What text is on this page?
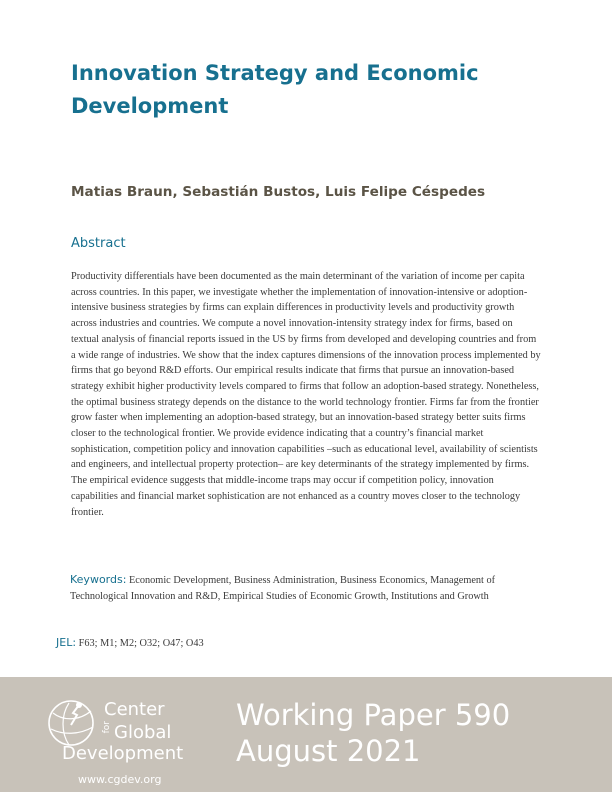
Innovation Strategy and Economic Development
Matias Braun, Sebastián Bustos, Luis Felipe Céspedes
Abstract

Productivity differentials have been documented as the main determinant of the variation of income per capita across countries. In this paper, we investigate whether the implementation of innovation-intensive or adoption-intensive business strategies by firms can explain differences in productivity levels and productivity growth across industries and countries. We compute a novel innovation-intensity strategy index for firms, based on textual analysis of financial reports issued in the US by firms from developed and developing countries and from a wide range of industries. We show that the index captures dimensions of the innovation process implemented by firms that go beyond R&D efforts. Our empirical results indicate that firms that pursue an innovation-based strategy exhibit higher productivity levels compared to firms that follow an adoption-based strategy. Nonetheless, the optimal business strategy depends on the distance to the world technology frontier. Firms far from the frontier grow faster when implementing an adoption-based strategy, but an innovation-based strategy better suits firms closer to the technological frontier. We provide evidence indicating that a country’s financial market sophistication, competition policy and innovation capabilities –such as educational level, availability of scientists and engineers, and intellectual property protection– are key determinants of the strategy implemented by firms. The empirical evidence suggests that middle-income traps may occur if competition policy, innovation capabilities and financial market sophistication are not enhanced as a country moves closer to the technology frontier.

Keywords: Economic Development, Business Administration, Business Economics, Management of Technological Innovation and R&D, Empirical Studies of Economic Growth, Institutions and Growth

JEL: F63; M1; M2; O32; O47; O43

Center
for Global
Development
www.cgdev.org
Working Paper 590
August 2021
